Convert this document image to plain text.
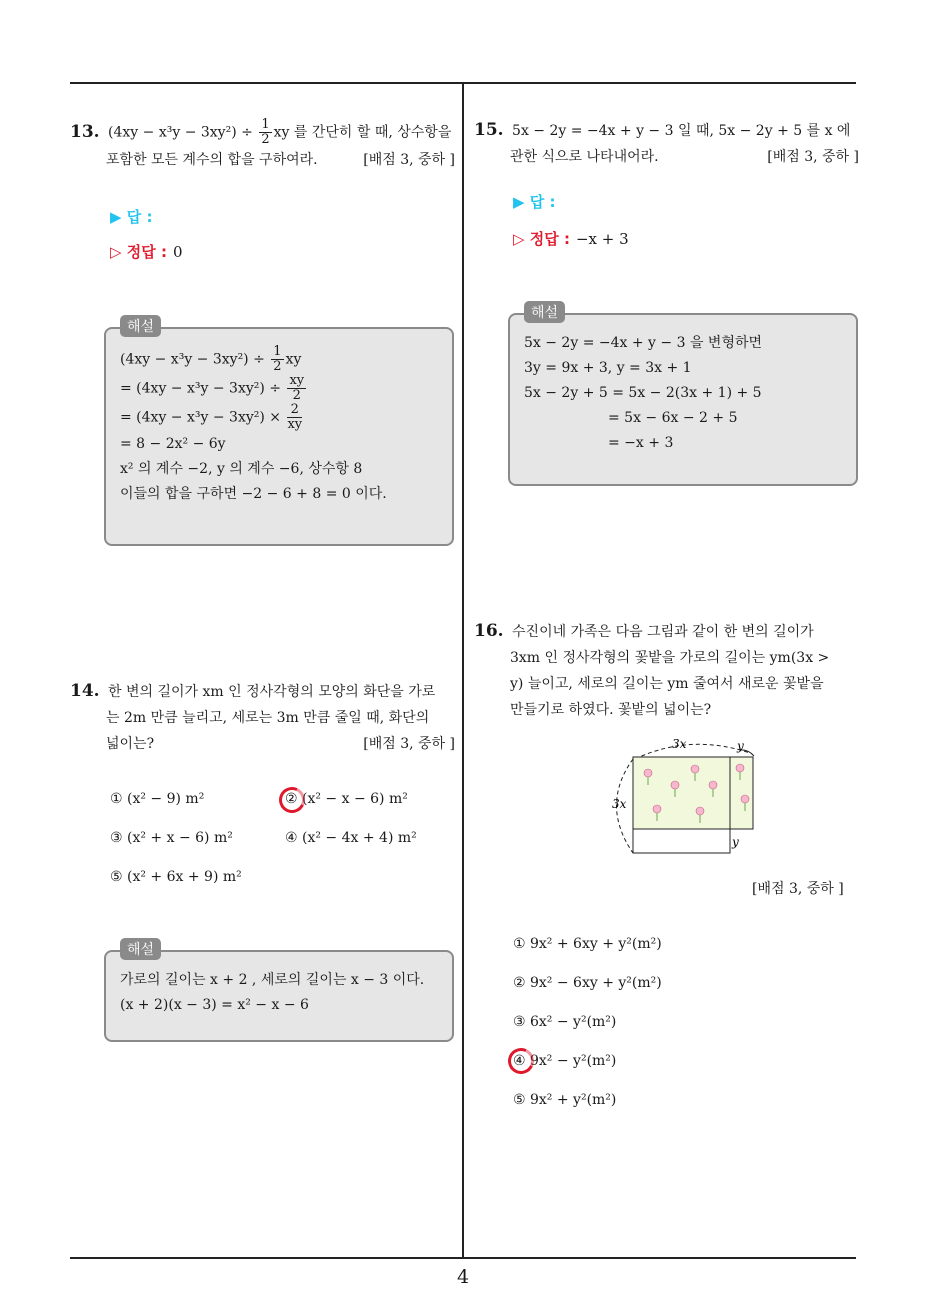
13. $(4xy - x^3y - 3xy^2) \div \frac{1}{2}$ xy 를 간단히 할 때, 상수항을
포함한 모든 계수의 합을 구하여라.	[배점 3, 중하 ]
▶ 답 :
▷ 정답 : 0
$(4xy - x^3y - 3xy^2) \div \frac{1}{2}$ xy
= $(4xy - x^3y - 3xy^2) \div \frac{xy}{2}$
= $(4xy - x^3y - 3xy^2) \times \frac{2}{xy}$
= 8 − 2x² − 6y
x² 의 계수 −2, y 의 계수 −6, 상수항 8
이들의 합을 구하면 −2 − 6 + 8 = 0 이다.
해설
14. 한 변의 길이가 xm 인 정사각형의 모양의 화단을 가로
는 2m 만큼 늘리고, 세로는 3m 만큼 줄일 때, 화단의
넓이는?	[배점 3, 중하 ]
① (x² − 9) m²	② (x² − x − 6) m²
③ (x² + x − 6) m²	④ (x² − 4x + 4) m²
⑤ (x² + 6x + 9) m²
가로의 길이는 x + 2 , 세로의 길이는 x − 3 이다.
(x + 2)(x − 3) = x² − x − 6
해설
15. 5x − 2y = −4x + y − 3 일 때, 5x − 2y + 5 를 x 에
관한 식으로 나타내어라.	[배점 3, 중하 ]
▶ 답 :
▷ 정답 : −x + 3
5x − 2y = −4x + y − 3 을 변형하면
3y = 9x + 3, y = 3x + 1
5x − 2y + 5 = 5x − 2(3x + 1) + 5
= 5x − 6x − 2 + 5
= −x + 3
해설
16. 수진이네 가족은 다음 그림과 같이 한 변의 길이가
3xm 인 정사각형의 꽃밭을 가로의 길이는 ym(3x >
y) 늘이고, 세로의 길이는 ym 줄여서 새로운 꽃밭을
만들기로 하였다. 꽃밭의 넓이는?
3x	y
3x
y
[배점 3, 중하 ]
① 9x² + 6xy + y²(m²)
② 9x² − 6xy + y²(m²)
③ 6x² − y²(m²)
④ 9x² − y²(m²)
⑤ 9x² + y²(m²)
4
